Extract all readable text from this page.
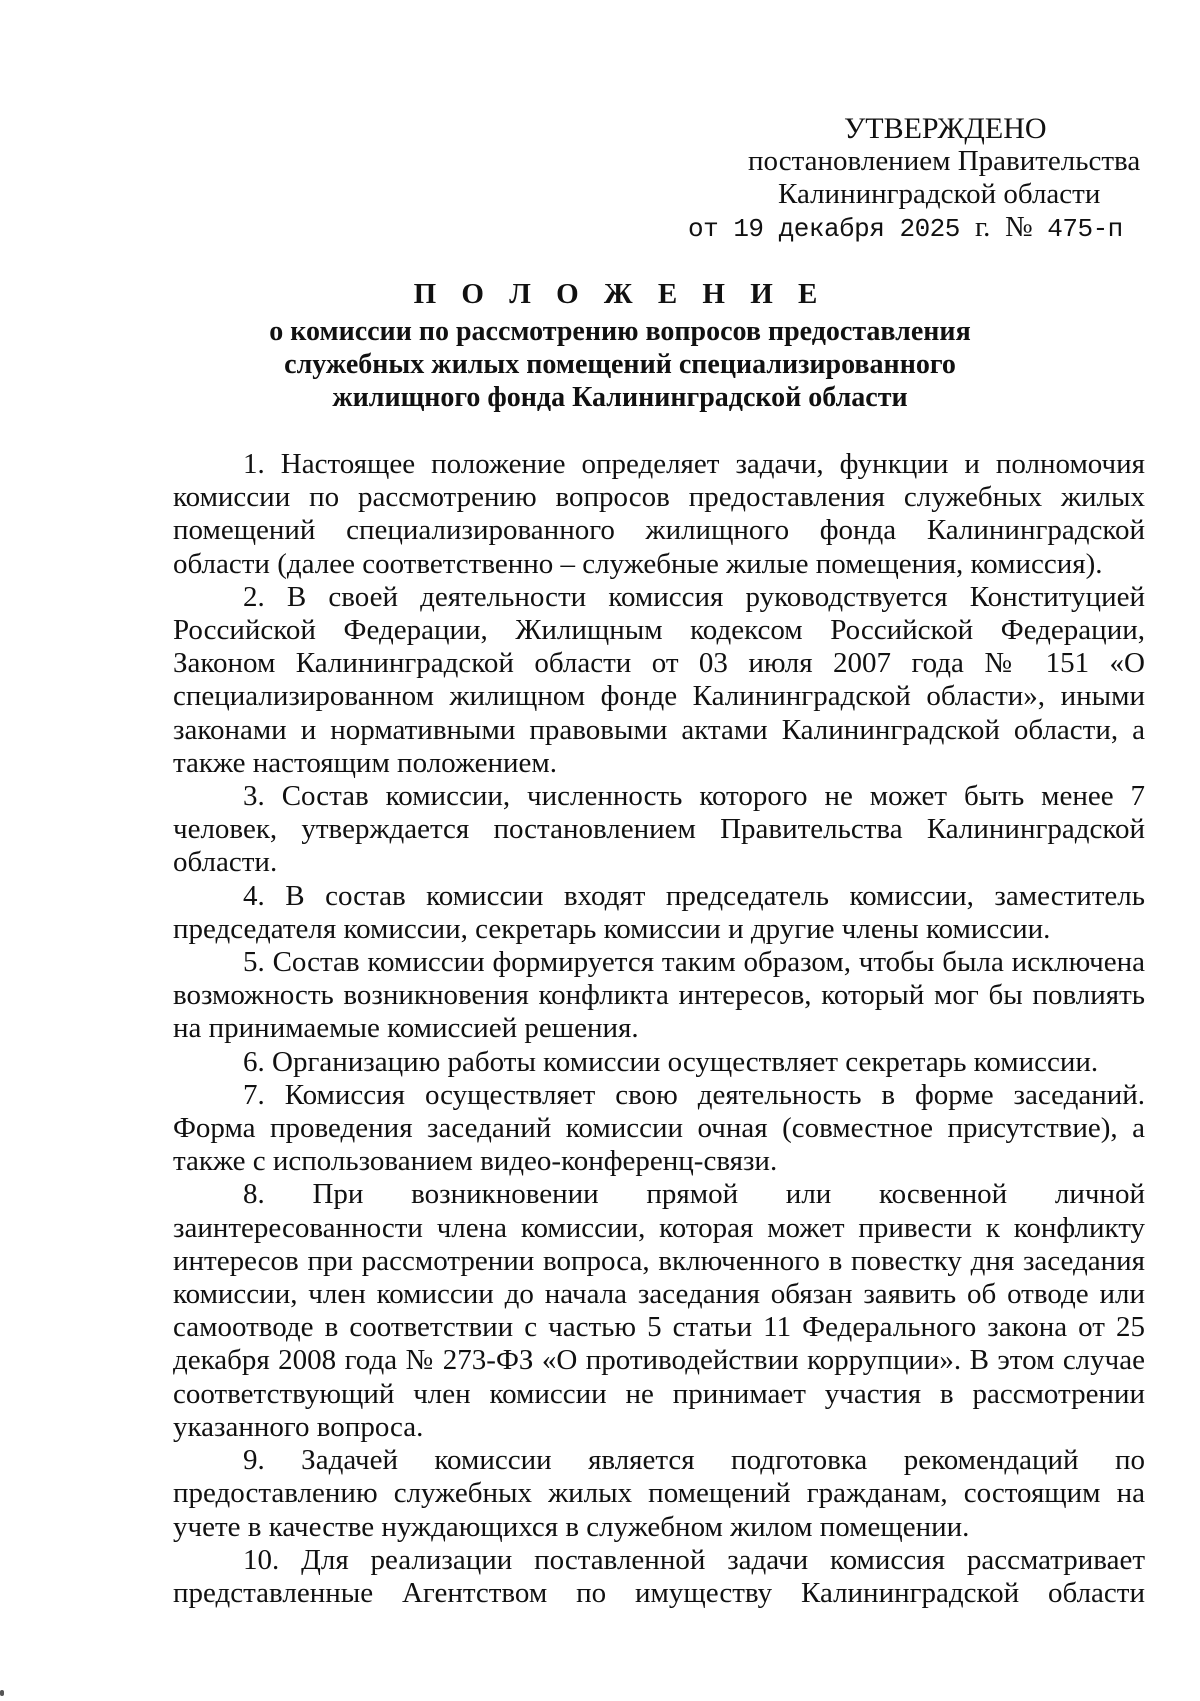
УТВЕРЖДЕНО
постановлением Правительства
Калининградской области
от 19 декабря 2025 г. № 475-п
П О Л О Ж Е Н И Е
о комиссии по рассмотрению вопросов предоставления
служебных жилых помещений специализированного
жилищного фонда Калининградской области

1. Настоящее положение определяет задачи, функции и полномочия комиссии по рассмотрению вопросов предоставления служебных жилых помещений специализированного жилищного фонда Калининградской области (далее соответственно – служебные жилые помещения, комиссия).

2. В своей деятельности комиссия руководствуется Конституцией Российской Федерации, Жилищным кодексом Российской Федерации, Законом Калининградской области от 03 июля 2007 года № 151 «О специализированном жилищном фонде Калининградской области», иными законами и нормативными правовыми актами Калининградской области, а также настоящим положением.

3. Состав комиссии, численность которого не может быть менее 7 человек, утверждается постановлением Правительства Калининградской области.

4. В состав комиссии входят председатель комиссии, заместитель председателя комиссии, секретарь комиссии и другие члены комиссии.

5. Состав комиссии формируется таким образом, чтобы была исключена возможность возникновения конфликта интересов, который мог бы повлиять на принимаемые комиссией решения.

6. Организацию работы комиссии осуществляет секретарь комиссии.

7. Комиссия осуществляет свою деятельность в форме заседаний. Форма проведения заседаний комиссии очная (совместное присутствие), а также с использованием видео-конференц-связи.

8. При возникновении прямой или косвенной личной заинтересованности члена комиссии, которая может привести к конфликту интересов при рассмотрении вопроса, включенного в повестку дня заседания комиссии, член комиссии до начала заседания обязан заявить об отводе или самоотводе в соответствии с частью 5 статьи 11 Федерального закона от 25 декабря 2008 года № 273-ФЗ «О противодействии коррупции». В этом случае соответствующий член комиссии не принимает участия в рассмотрении указанного вопроса.

9. Задачей комиссии является подготовка рекомендаций по предоставлению служебных жилых помещений гражданам, состоящим на учете в качестве нуждающихся в служебном жилом помещении.

10. Для реализации поставленной задачи комиссия рассматривает представленные Агентством по имуществу Калининградской области
